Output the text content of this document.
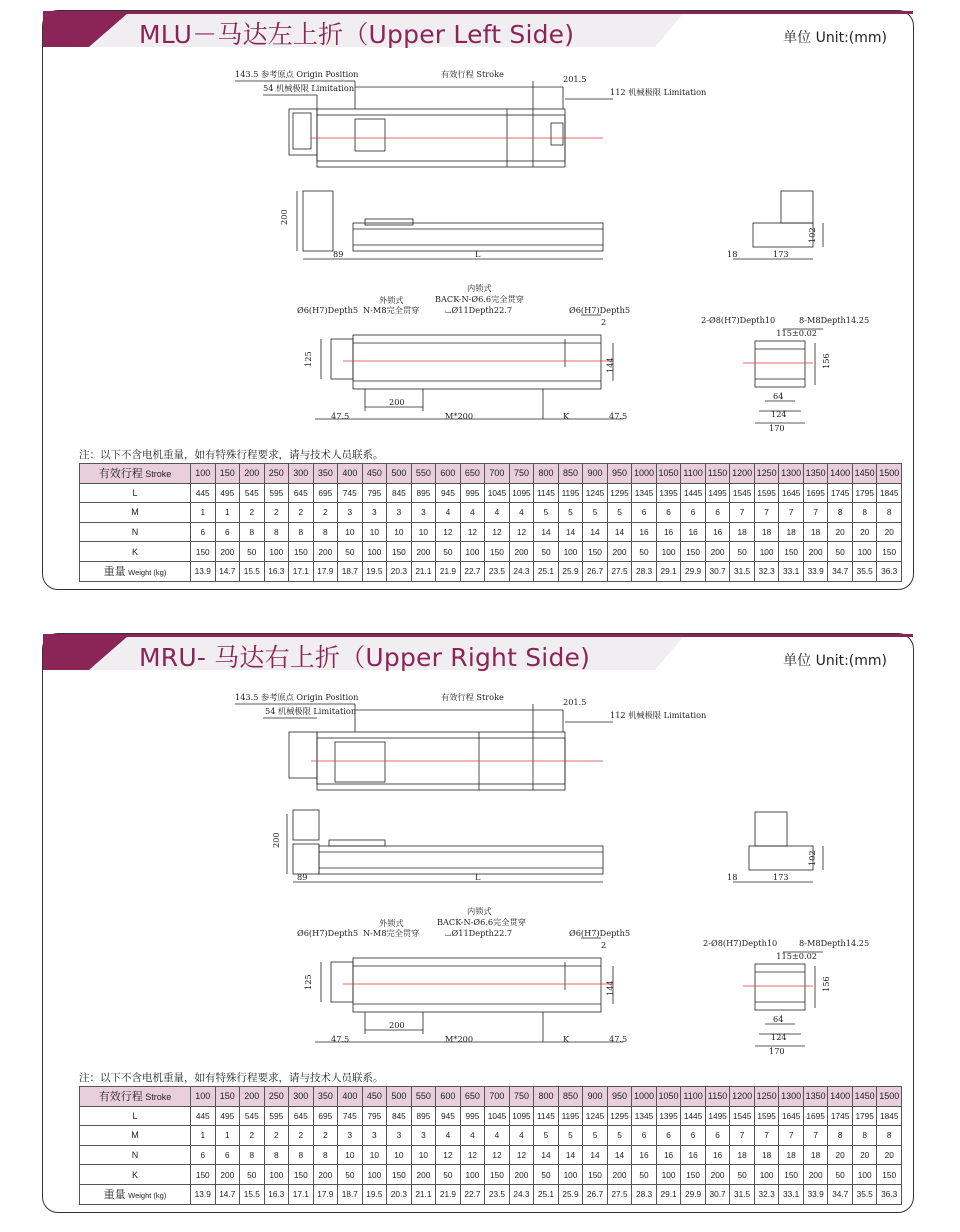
MLU－马达左上折（Upper Left Side)	单位 Unit:(mm)
143.5 参考原点 Origin Position	有效行程 Stroke	201.5
54 机械极限 Limitation	112 机械极限 Limitation
200
89	L	18	173
102
内锁式
BACK-N-Ø6.6完全贯穿
⌴Ø11Depth22.7
外锁式
N-M8完全贯穿
Ø6(H7)Depth5	Ø6(H7)Depth5
2
125	144
200
47.5	M*200	K	47.5
2-Ø8(H7)Depth10	8-M8Depth14.25
115±0.02
156
64
124
170
注：以下不含电机重量，如有特殊行程要求，请与技术人员联系。
有效行程 Stroke	100	150	200	250	300	350	400	450	500	550	600	650	700	750	800	850	900	950	1000	1050	1100	1150	1200	1250	1300	1350	1400	1450	1500
L	445	495	545	595	645	695	745	795	845	895	945	995	1045	1095	1145	1195	1245	1295	1345	1395	1445	1495	1545	1595	1645	1695	1745	1795	1845
M	1	1	2	2	2	2	3	3	3	3	4	4	4	4	5	5	5	5	6	6	6	6	7	7	7	7	8	8	8
N	6	6	8	8	8	8	10	10	10	10	12	12	12	12	14	14	14	14	16	16	16	16	18	18	18	18	20	20	20
K	150	200	50	100	150	200	50	100	150	200	50	100	150	200	50	100	150	200	50	100	150	200	50	100	150	200	50	100	150
重量 Weight (kg)	13.9	14.7	15.5	16.3	17.1	17.9	18.7	19.5	20.3	21.1	21.9	22.7	23.5	24.3	25.1	25.9	26.7	27.5	28.3	29.1	29.9	30.7	31.5	32.3	33.1	33.9	34.7	35.5	36.3
MRU- 马达右上折（Upper Right Side)	单位 Unit:(mm)
143.5 参考原点 Origin Position	有效行程 Stroke	201.5
54 机械极限 Limitation	112 机械极限 Limitation
200
89	L	18	173
102
内锁式
BACK-N-Ø6.6完全贯穿
⌴Ø11Depth22.7
外锁式
N-M8完全贯穿
Ø6(H7)Depth5	Ø6(H7)Depth5
2
125	144
200
47.5	M*200	K	47.5
2-Ø8(H7)Depth10	8-M8Depth14.25
115±0.02
156
64
124
170
注：以下不含电机重量，如有特殊行程要求，请与技术人员联系。
有效行程 Stroke	100	150	200	250	300	350	400	450	500	550	600	650	700	750	800	850	900	950	1000	1050	1100	1150	1200	1250	1300	1350	1400	1450	1500
L	445	495	545	595	645	695	745	795	845	895	945	995	1045	1095	1145	1195	1245	1295	1345	1395	1445	1495	1545	1595	1645	1695	1745	1795	1845
M	1	1	2	2	2	2	3	3	3	3	4	4	4	4	5	5	5	5	6	6	6	6	7	7	7	7	8	8	8
N	6	6	8	8	8	8	10	10	10	10	12	12	12	12	14	14	14	14	16	16	16	16	18	18	18	18	20	20	20
K	150	200	50	100	150	200	50	100	150	200	50	100	150	200	50	100	150	200	50	100	150	200	50	100	150	200	50	100	150
重量 Weight (kg)	13.9	14.7	15.5	16.3	17.1	17.9	18.7	19.5	20.3	21.1	21.9	22.7	23.5	24.3	25.1	25.9	26.7	27.5	28.3	29.1	29.9	30.7	31.5	32.3	33.1	33.9	34.7	35.5	36.3
